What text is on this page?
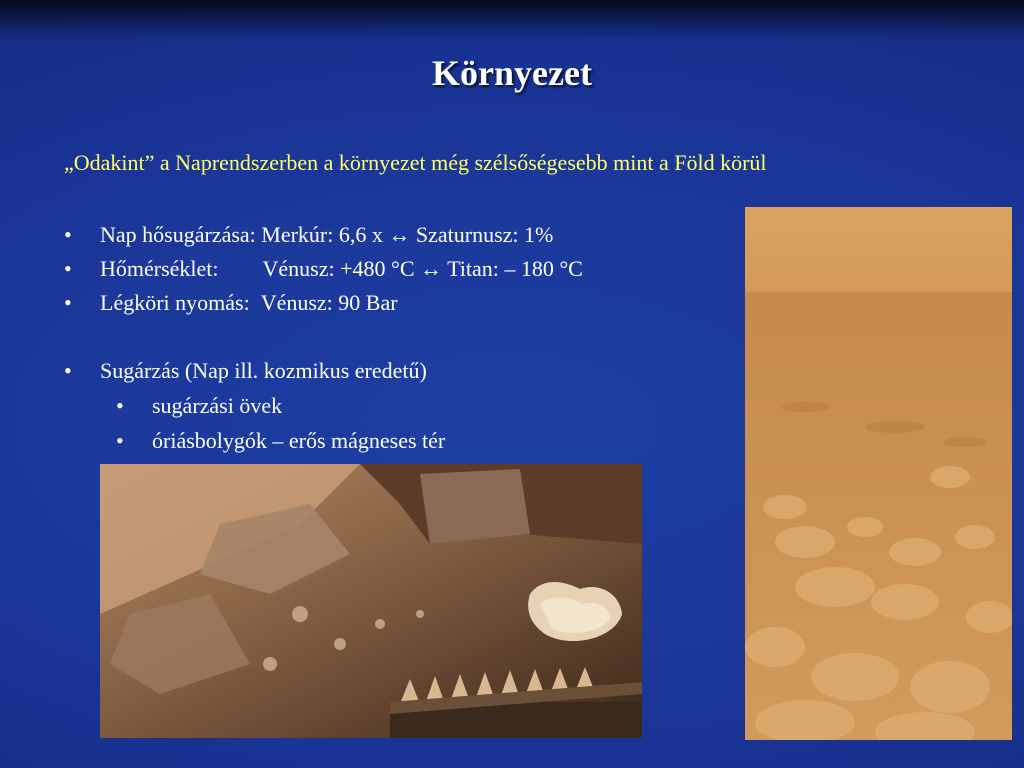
Környezet
„Odakint” a Naprendszerben a környezet még szélsőségesebb mint a Föld körül
•	Nap hősugárzása: Merkúr: 6,6 x ↔ Szaturnusz: 1%
•	Hőmérséklet:        Vénusz: +480 °C ↔ Titan: – 180 °C
•	Légköri nyomás:  Vénusz: 90 Bar
•	Sugárzás (Nap ill. kozmikus eredetű)
•	sugárzási övek
•	óriásbolygók – erős mágneses tér
